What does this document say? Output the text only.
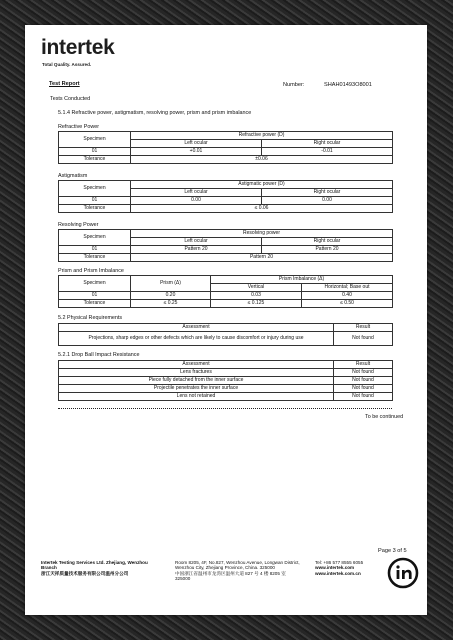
intertek
Total Quality. Assured.
Test Report	Number:	SHAH01493O8001
Tests Conducted
5.1.4 Refractive power, astigmatism, resolving power, prism and prism imbalance
Refractive Power
Specimen	Refractive power (D)	
	Left ocular	Right ocular
01	+0.01	-0.01
Tolerance	±0.06	
Astigmatism
Specimen	Astigmatic power (D)	
	Left ocular	Right ocular
01	0.00	0.00
Tolerance	≤ 0.06	
Resolving Power
Specimen	Resolving power	
	Left ocular	Right ocular
01	Pattern 20	Pattern 20
Tolerance	Pattern 20	
Prism and Prism Imbalance
Specimen	Prism (Δ)	Prism Imbalance (Δ)	
		Vertical	Horizontal; Base out
01	0.20	0.03	0.40
Tolerance	≤ 0.25	≤ 0.125	≤ 0.50
5.2 Physical Requirements
Assessment	Result
Projections, sharp edges or other defects which are likely to cause discomfort or injury during use	Not found
5.2.1 Drop Ball Impact Resistance
Assessment	Result
Lens fractures	Not found
Piece fully detached from the inner surface	Not found
Projectile penetrates the inner surface	Not found
Lens not retained	Not found
To be continued
Page 3 of 5
Intertek Testing Services Ltd. Zhejiang, Wenzhou Branch
浙江天祥质量技术服务有限公司温州分公司
Room 8205, 4F, No.827, Wenzhou Avenue, Longwan District, Wenzhou City, Zhejiang Province, China. 325000
中国浙江省温州市龙湾区温州大道 827 号 4 楼 8205 室
325000
Tel: +86 577 8555 6055
www.intertek.com
www.intertek.com.cn
